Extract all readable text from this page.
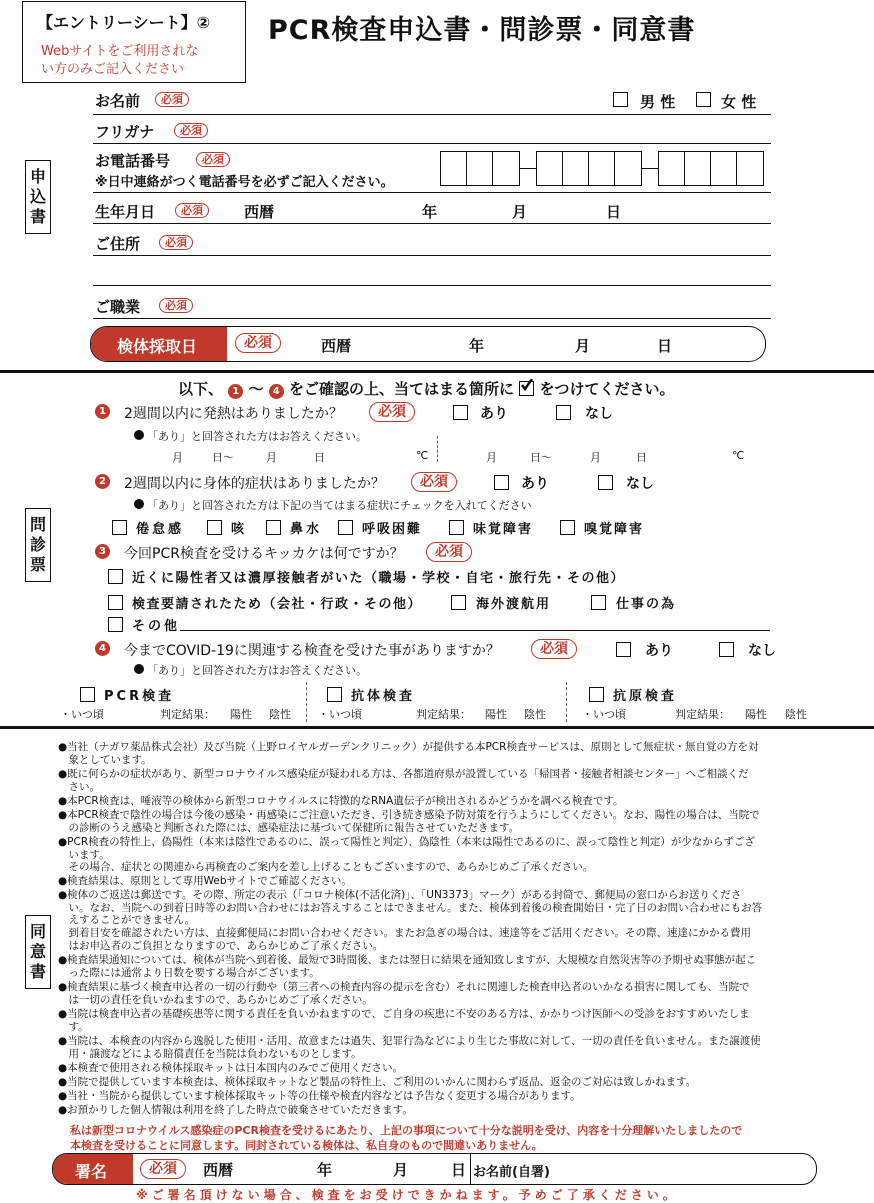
【エントリーシート】②
Webサイトをご利用されな
い方のみご記入ください
PCR検査申込書・問診票・同意書
申込書
お名前	必須	男 性	女 性
フリガナ	必須
お電話番号	必須
※日中連絡がつく電話番号を必ずご記入ください。
生年月日	必須	西暦	年	月	日
ご住所	必須
ご職業	必須
検体採取日	必須	西暦	年	月	日
問診票
以下、 1 〜 4 をご確認の上、当てはまる箇所に をつけてください。
1 2週間以内に発熱はありましたか？	必須	あり	なし
「あり」と回答された方はお答えください。
月	日〜	月	日	℃	月	日〜	月	日	℃
2 2週間以内に身体的症状はありましたか？	必須	あり	なし
「あり」と回答された方は下記の当てはまる症状にチェックを入れてください
倦怠感	咳	鼻水	呼吸困難	味覚障害	嗅覚障害
3 今回PCR検査を受けるキッカケは何ですか？	必須
近くに陽性者又は濃厚接触者がいた（職場・学校・自宅・旅行先・その他）
検査要請されたため（会社・行政・その他）	海外渡航用	仕事の為
その他
4 今までCOVID-19に関連する検査を受けた事がありますか？	必須	あり	なし
「あり」と回答された方はお答えください。
PCR検査
・いつ頃	判定結果： 陽性 陰性
抗体検査
・いつ頃	判定結果： 陽性 陰性
抗原検査
・いつ頃	判定結果： 陽性 陰性
同意書
●当社（ナガワ薬品株式会社）及び当院（上野ロイヤルガーデンクリニック）が提供する本PCR検査サービスは、原則として無症状・無自覚の方を対
　象としています。
●既に何らかの症状があり、新型コロナウイルス感染症が疑われる方は、各都道府県が設置している「帰国者・接触者相談センター」へご相談くだ
　さい。
●本PCR検査は、唾液等の検体から新型コロナウイルスに特徴的なRNA遺伝子が検出されるかどうかを調べる検査です。
●本PCR検査で陰性の場合は今後の感染・再感染にご注意いただき、引き続き感染予防対策を行うようにしてください。なお、陽性の場合は、当院で
　の診断のうえ感染と判断された際には、感染症法に基づいて保健所に報告させていただきます。
●PCR検査の特性上、偽陽性（本来は陰性であるのに、誤って陽性と判定）、偽陰性（本来は陽性であるのに、誤って陰性と判定）が少なからずござ
　います。
　その場合、症状との関連から再検査のご案内を差し上げることもございますので、あらかじめご了承ください。
●検査結果は、原則として専用Webサイトでご確認ください。
●検体のご返送は郵送です。その際、所定の表示（「コロナ検体(不活化済)」、「UN3373」マーク）がある封筒で、郵便局の窓口からお送りくださ
　い。なお、当院への到着日時等のお問い合わせにはお答えすることはできません。また、検体到着後の検査開始日・完了日のお問い合わせにもお答
　えすることができません。
　到着目安を確認されたい方は、直接郵便局にお問い合わせください。またお急ぎの場合は、速達等をご活用ください。その際、速達にかかる費用
　はお申込者のご負担となりますので、あらかじめご了承ください。
●検査結果通知については、検体が当院へ到着後、最短で3時間後、または翌日に結果を通知致しますが、大規模な自然災害等の予期せぬ事態が起こ
　った際には通常より日数を要する場合がございます。
●検査結果に基づく検査申込者の一切の行動や（第三者への検査内容の提示を含む）それに関連した検査申込者のいかなる損害に関しても、当院で
　は一切の責任を負いかねますので、あらかじめご了承ください。
●当院は検査申込者の基礎疾患等に関する責任を負いかねますので、ご自身の疾患に不安のある方は、かかりつけ医師への受診をおすすめいたしま
　す。
●当院は、本検査の内容から逸脱した使用・活用、故意または過失、犯罪行為などにより生じた事故に対して、一切の責任を負いません。また譲渡使
　用・譲渡などによる賠償責任を当院は負わないものとします。
●本検査で使用される検体採取キットは日本国内のみでご使用ください。
●当院で提供しています本検査は、検体採取キットなど製品の特性上、ご利用のいかんに関わらず返品、返金のご対応は致しかねます。
●当社・当院から提供しています検体採取キット等の仕様や検査内容などは予告なく変更する場合があります。
●お預かりした個人情報は利用を終了した時点で破棄させていただきます。
私は新型コロナウイルス感染症のPCR検査を受けるにあたり、上記の事項について十分な説明を受け、内容を十分理解いたしましたので
本検査を受けることに同意します。同封されている検体は、私自身のもので間違いありません。
署名	必須	西暦	年	月	日 お名前(自署)
※ご署名頂けない場合、検査をお受けできかねます。予めご了承ください。
